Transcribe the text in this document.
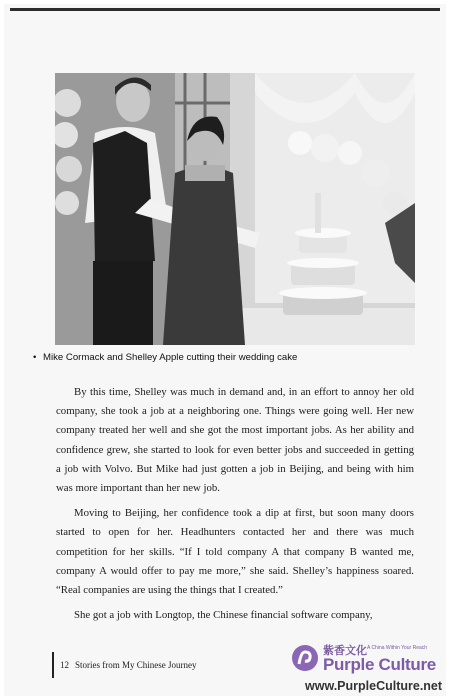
• Mike Cormack and Shelley Apple cutting their wedding cake

By this time, Shelley was much in demand and, in an effort to annoy her old company, she took a job at a neighboring one. Things were going well. Her new company treated her well and she got the most important jobs. As her ability and confidence grew, she started to look for even better jobs and succeeded in getting a job with Volvo. But Mike had just gotten a job in Beijing, and being with him was more important than her new job.

Moving to Beijing, her confidence took a dip at first, but soon many doors started to open for her. Headhunters contacted her and there was much competition for her skills. “If I told company A that company B wanted me, company A would offer to pay me more,” she said. Shelley’s happiness soared. “Real companies are using the things that I created.”

She got a job with Longtop, the Chinese financial software company,

12 Stories from My Chinese Journey
紫香文化 A China Within Your Reach
Purple Culture
www.PurpleCulture.net
